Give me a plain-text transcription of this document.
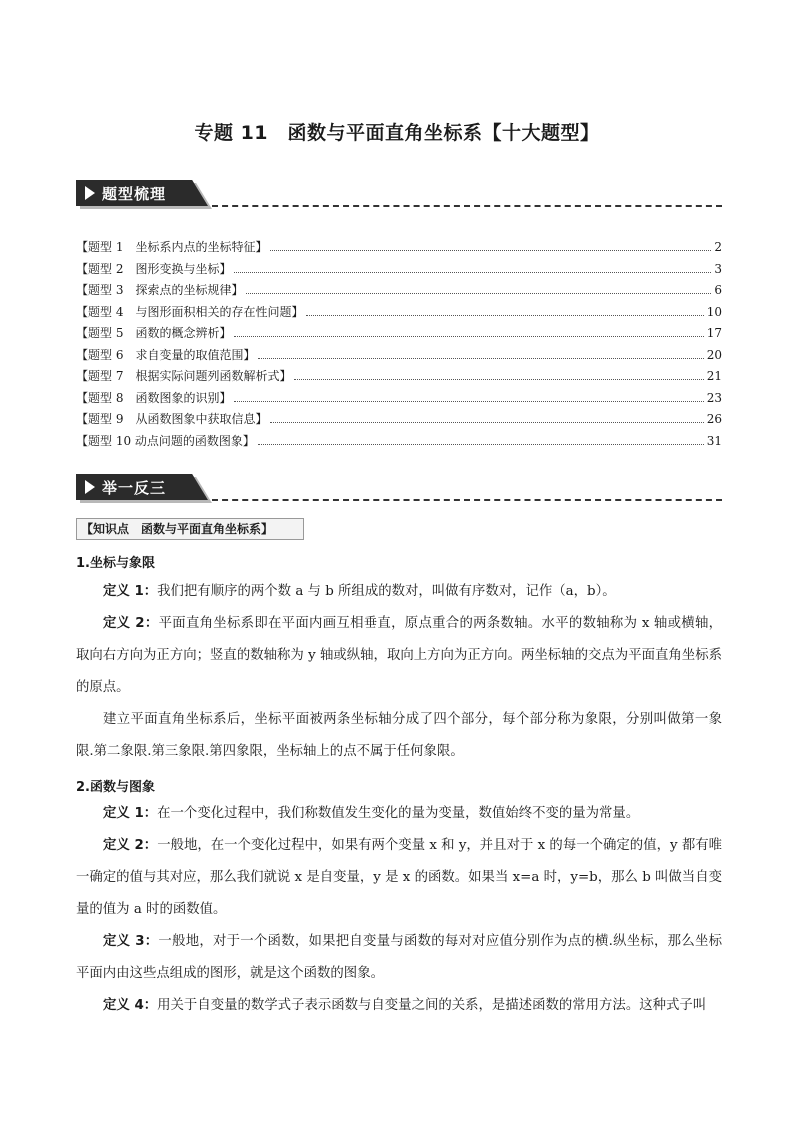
专题 11　函数与平面直角坐标系【十大题型】
题型梳理
【题型 1　坐标系内点的坐标特征】	2
【题型 2　图形变换与坐标】	3
【题型 3　探索点的坐标规律】	6
【题型 4　与图形面积相关的存在性问题】	10
【题型 5　函数的概念辨析】	17
【题型 6　求自变量的取值范围】	20
【题型 7　根据实际问题列函数解析式】	21
【题型 8　函数图象的识别】	23
【题型 9　从函数图象中获取信息】	26
【题型 10 动点问题的函数图象】	31
举一反三
【知识点　函数与平面直角坐标系】
1.坐标与象限
定义 1：我们把有顺序的两个数 a 与 b 所组成的数对，叫做有序数对，记作（a，b）。
定义 2：平面直角坐标系即在平面内画互相垂直，原点重合的两条数轴。水平的数轴称为 x 轴或横轴，取向右方向为正方向；竖直的数轴称为 y 轴或纵轴，取向上方向为正方向。两坐标轴的交点为平面直角坐标系的原点。
建立平面直角坐标系后，坐标平面被两条坐标轴分成了四个部分，每个部分称为象限，分别叫做第一象限.第二象限.第三象限.第四象限，坐标轴上的点不属于任何象限。
2.函数与图象
定义 1：在一个变化过程中，我们称数值发生变化的量为变量，数值始终不变的量为常量。
定义 2：一般地，在一个变化过程中，如果有两个变量 x 和 y，并且对于 x 的每一个确定的值，y 都有唯一确定的值与其对应，那么我们就说 x 是自变量，y 是 x 的函数。如果当 x=a 时，y=b，那么 b 叫做当自变量的值为 a 时的函数值。
定义 3：一般地，对于一个函数，如果把自变量与函数的每对对应值分别作为点的横.纵坐标，那么坐标平面内由这些点组成的图形，就是这个函数的图象。
定义 4：用关于自变量的数学式子表示函数与自变量之间的关系，是描述函数的常用方法。这种式子叫
